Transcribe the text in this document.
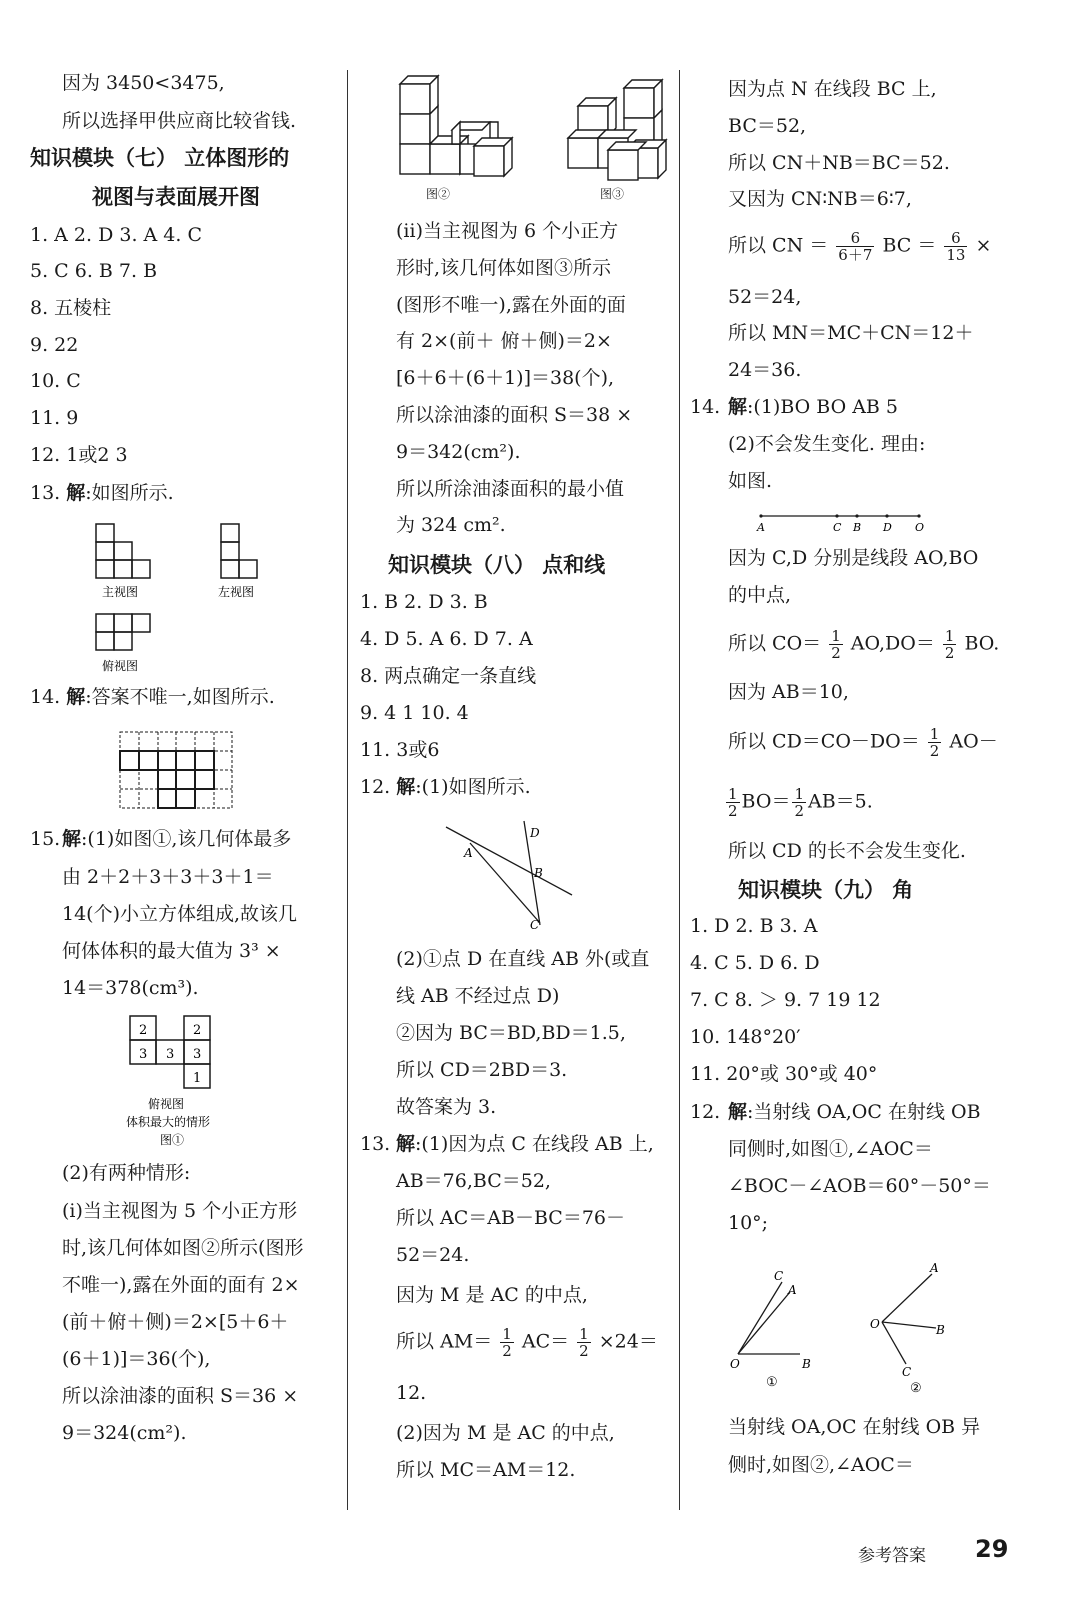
因为 3450<3475,
所以选择甲供应商比较省钱.
知识模块（七） 立体图形的
视图与表面展开图
1. A 2. D 3. A 4. C
5. C 6. B 7. B
8. 五棱柱
9. 22
10. C
11. 9
12. 1或2 3
13. 解:如图所示.
主视图	左视图
俯视图
14. 解:答案不唯一,如图所示.
15. 解:(1)如图①,该几何体最多
由 2＋2＋3＋3＋3＋1＝
14(个)小立方体组成,故该几
何体体积的最大值为 3³ ×
14＝378(cm³).
2	2
3 3 3
1
俯视图
体积最大的情形
图①
(2)有两种情形:
(ⅰ)当主视图为 5 个小正方形
时,该几何体如图②所示(图形
不唯一),露在外面的面有 2×
(前＋俯＋侧)＝2×[5＋6＋
(6＋1)]＝36(个),
所以涂油漆的面积 S＝36 ×
9＝324(cm²).
图②	图③
(ⅱ)当主视图为 6 个小正方
形时,该几何体如图③所示
(图形不唯一),露在外面的面
有 2×(前＋ 俯＋侧)＝2×
[6＋6＋(6＋1)]＝38(个),
所以涂油漆的面积 S＝38 ×
9＝342(cm²).
所以所涂油漆面积的最小值
为 324 cm².
知识模块（八） 点和线
1. B 2. D 3. B
4. D 5. A 6. D 7. A
8. 两点确定一条直线
9. 4 1 10. 4
11. 3或6
12. 解:(1)如图所示.
A
B
C
D
(2)①点 D 在直线 AB 外(或直
线 AB 不经过点 D)
②因为 BC＝BD,BD＝1.5,
所以 CD＝2BD＝3.
故答案为 3.
13. 解:(1)因为点 C 在线段 AB 上,
AB＝76,BC＝52,
所以 AC＝AB－BC＝76－
52＝24.
因为 M 是 AC 的中点,
所以 $AM= \frac{1}{2} AC= \frac{1}{2} \times 24=$
12.
(2)因为 M 是 AC 的中点,
所以 MC＝AM＝12.
因为点 N 在线段 BC 上,
BC＝52,
所以 CN＋NB＝BC＝52.
又因为 CN∶NB＝6∶7,
所以 CN ＝ $\frac{6}{6+7}$ BC ＝ $\frac{6}{13}$ ×
52＝24,
所以 MN＝MC＋CN＝12＋
24＝36.
14. 解:(1)BO BO AB 5
(2)不会发生变化. 理由:
如图.
A	C B D O
因为 C,D 分别是线段 AO,BO
的中点,
所以 $CO= \frac{1}{2} AO,DO= \frac{1}{2}$ BO.
因为 AB＝10,
所以 $CD=CO-DO= \frac{1}{2} AO-$
$\frac{1}{2} BO= \frac{1}{2} AB=5$.
所以 CD 的长不会发生变化.
知识模块（九） 角
1. D 2. B 3. A
4. C 5. D 6. D
7. C 8. ＞ 9. 7 19 12
10. 148°20′
11. 20°或 30°或 40°
12. 解:当射线 OA,OC 在射线 OB
同侧时,如图①,∠AOC＝
∠BOC－∠AOB＝60°－50°＝
10°;
C
A
O	B
①
A
O	B
C
②
当射线 OA,OC 在射线 OB 异
侧时,如图②,∠AOC＝
参考答案 29
